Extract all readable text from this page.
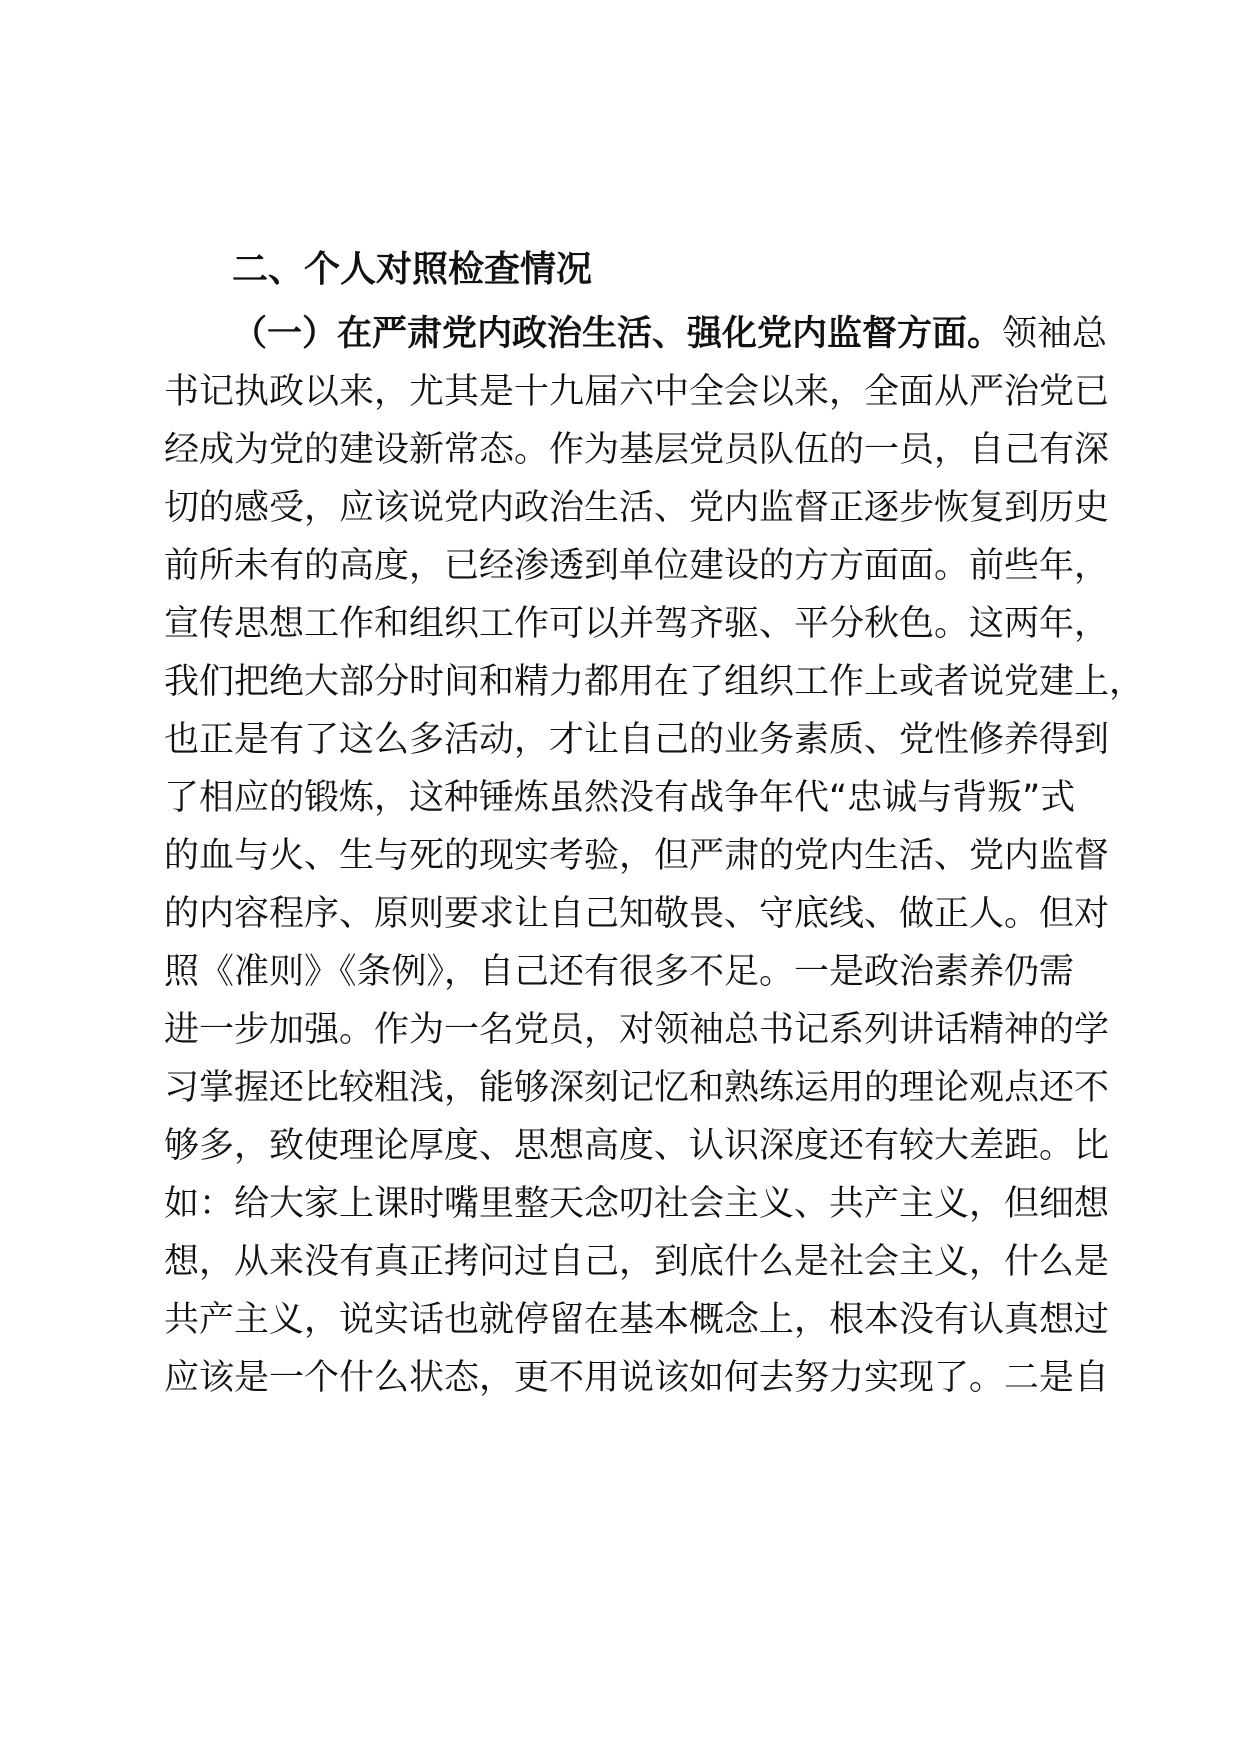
二、个人对照检查情况
（一）在严肃党内政治生活、强化党内监督方面。领袖总
书记执政以来，尤其是十九届六中全会以来，全面从严治党已
经成为党的建设新常态。作为基层党员队伍的一员，自己有深
切的感受，应该说党内政治生活、党内监督正逐步恢复到历史
前所未有的高度，已经渗透到单位建设的方方面面。前些年，
宣传思想工作和组织工作可以并驾齐驱、平分秋色。这两年，
我们把绝大部分时间和精力都用在了组织工作上或者说党建上，
也正是有了这么多活动，才让自己的业务素质、党性修养得到
了相应的锻炼，这种锤炼虽然没有战争年代“忠诚与背叛”式
的血与火、生与死的现实考验，但严肃的党内生活、党内监督
的内容程序、原则要求让自己知敬畏、守底线、做正人。但对
照《准则》《条例》，自己还有很多不足。一是政治素养仍需
进一步加强。作为一名党员，对领袖总书记系列讲话精神的学
习掌握还比较粗浅，能够深刻记忆和熟练运用的理论观点还不
够多，致使理论厚度、思想高度、认识深度还有较大差距。比
如：给大家上课时嘴里整天念叨社会主义、共产主义，但细想
想，从来没有真正拷问过自己，到底什么是社会主义，什么是
共产主义，说实话也就停留在基本概念上，根本没有认真想过
应该是一个什么状态，更不用说该如何去努力实现了。二是自
